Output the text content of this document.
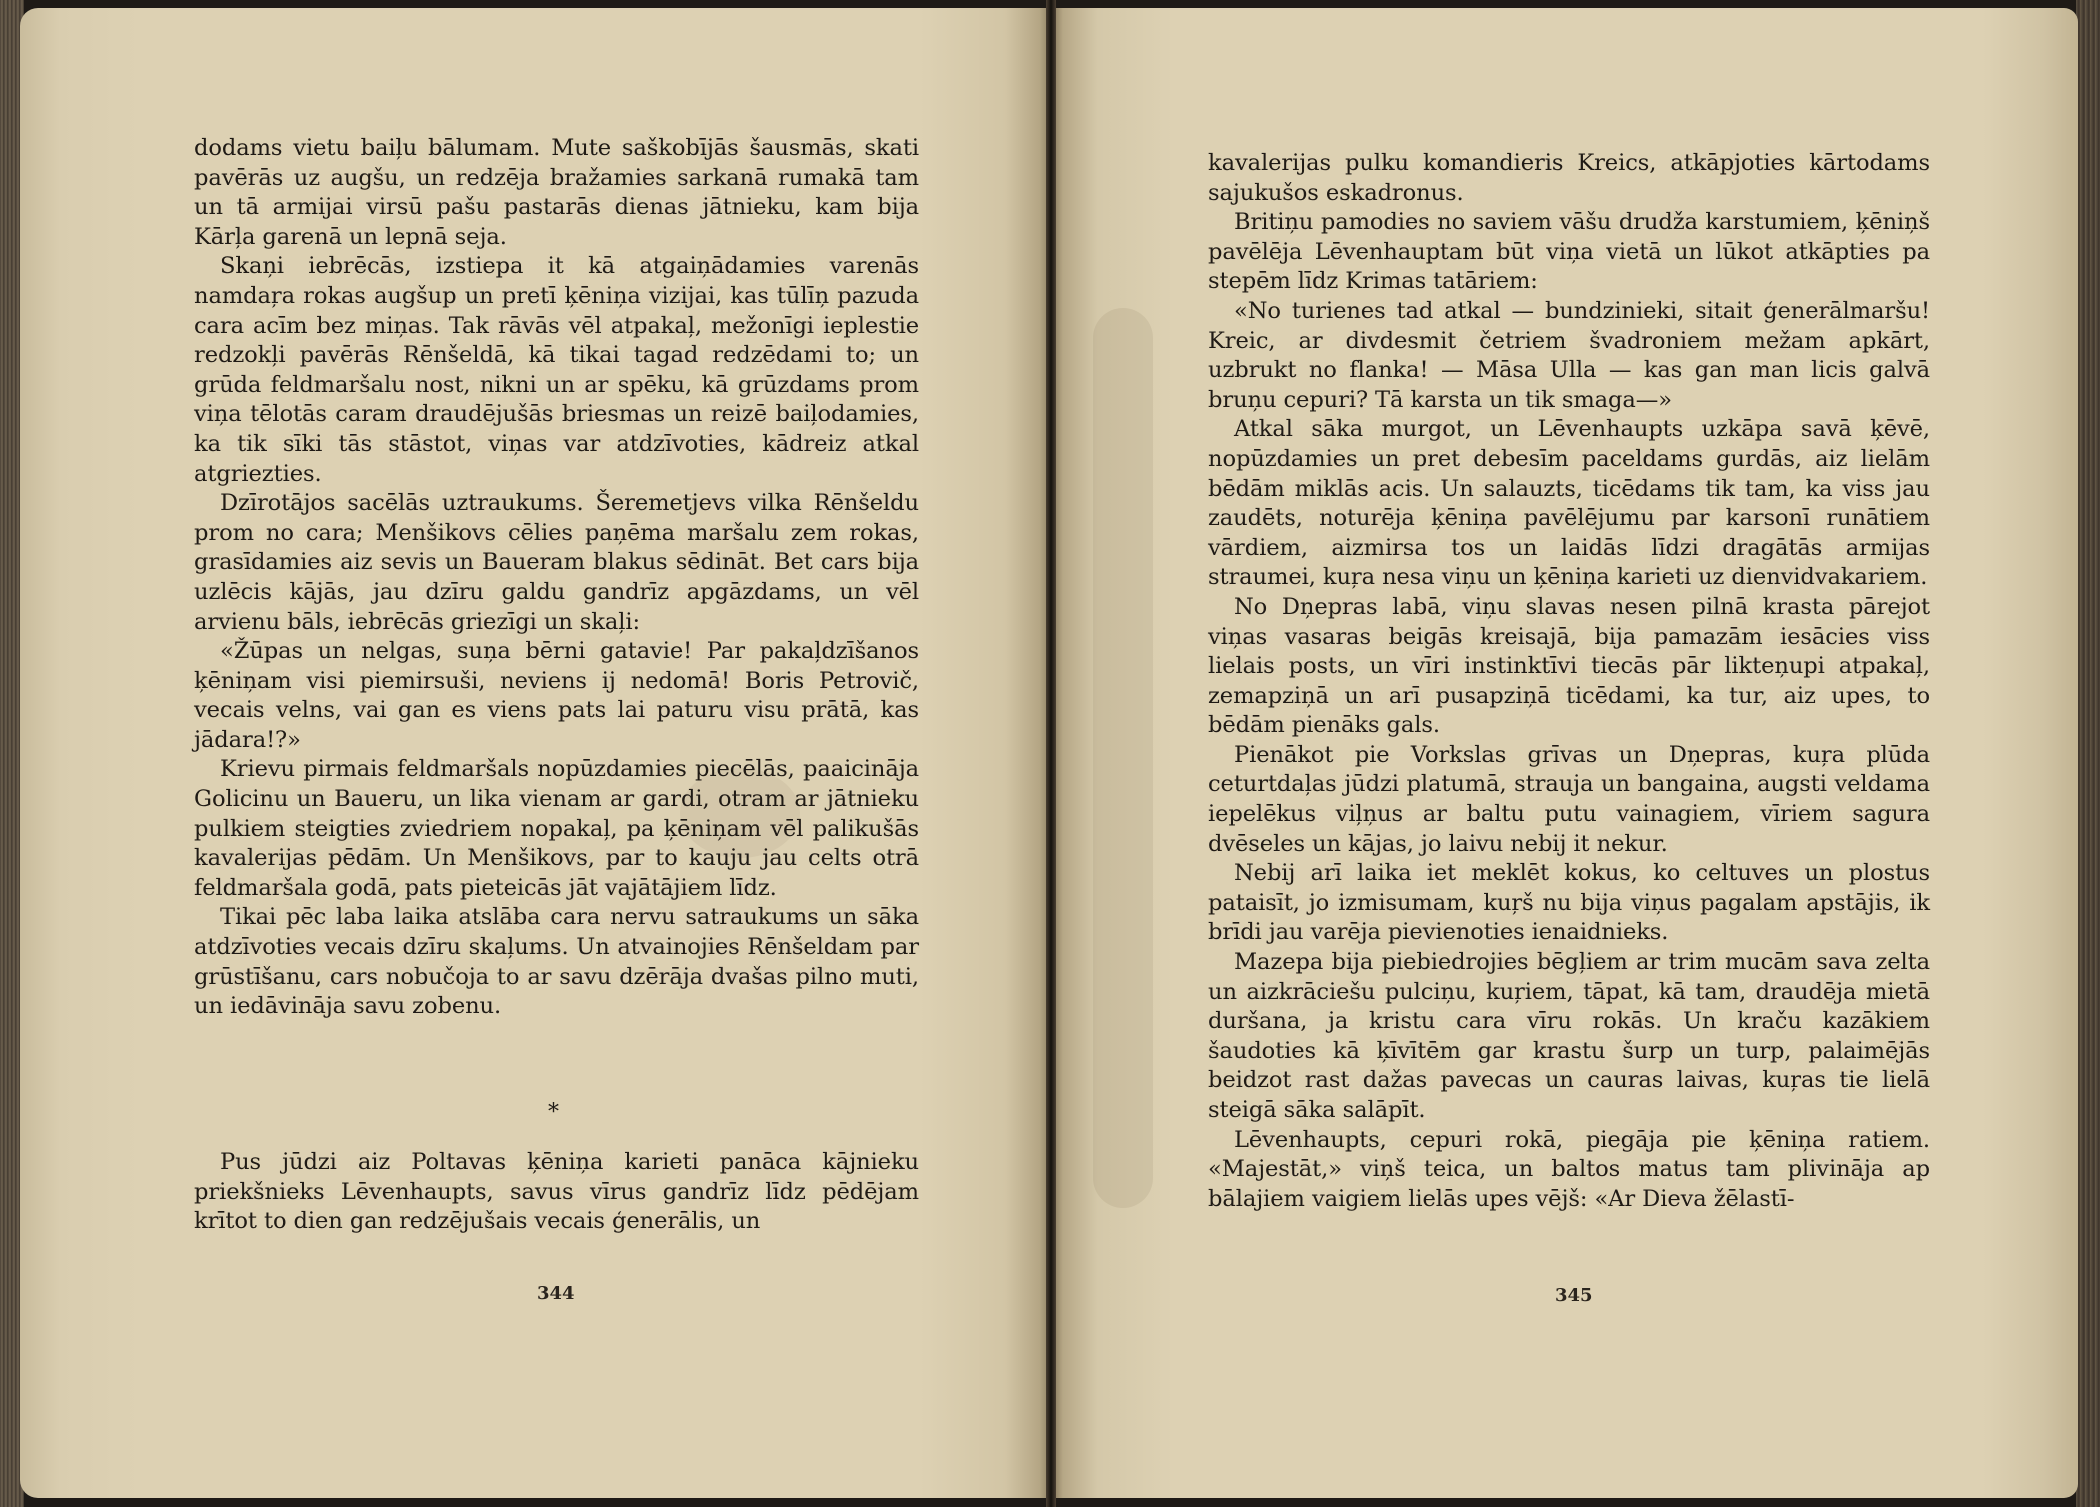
dodams vietu baiļu bālumam. Mute saškobījās šausmās, skati pavērās uz augšu, un redzēja bražamies sarkanā rumakā tam un tā armijai virsū pašu pastarās dienas jātnieku, kam bija Kārļa garenā un lepnā seja.

Skaņi iebrēcās, izstiepa it kā atgaiņādamies varenās namdaŗa rokas augšup un pretī ķēniņa vizijai, kas tūlīņ pazuda cara acīm bez miņas. Tak rāvās vēl atpakaļ, mežonīgi ieplestie redzokļi pavērās Rēnšeldā, kā tikai tagad redzēdami to; un grūda feldmaršalu nost, nikni un ar spēku, kā grūzdams prom viņa tēlotās caram draudējušās briesmas un reizē baiļodamies, ka tik sīki tās stāstot, viņas var atdzīvoties, kādreiz atkal atgriezties.

Dzīrotājos sacēlās uztraukums. Šeremetjevs vilka Rēnšeldu prom no cara; Menšikovs cēlies paņēma maršalu zem rokas, grasīdamies aiz sevis un Baueram blakus sēdināt. Bet cars bija uzlēcis kājās, jau dzīru galdu gandrīz apgāzdams, un vēl arvienu bāls, iebrēcās griezīgi un skaļi:

«Žūpas un nelgas, suņa bērni gatavie! Par pakaļdzīšanos ķēniņam visi piemirsuši, neviens ij nedomā! Boris Petrovič, vecais velns, vai gan es viens pats lai paturu visu prātā, kas jādara!?»

Krievu pirmais feldmaršals nopūzdamies piecēlās, paaicināja Golicinu un Baueru, un lika vienam ar gardi, otram ar jātnieku pulkiem steigties zviedriem nopakaļ, pa ķēniņam vēl palikušās kavalerijas pēdām. Un Menšikovs, par to kauju jau celts otrā feldmaršala godā, pats pieteicās jāt vajātājiem līdz.

Tikai pēc laba laika atslāba cara nervu satraukums un sāka atdzīvoties vecais dzīru skaļums. Un atvainojies Rēnšeldam par grūstīšanu, cars nobučoja to ar savu dzērāja dvašas pilno muti, un iedāvināja savu zobenu.

*

Pus jūdzi aiz Poltavas ķēniņa karieti panāca kājnieku priekšnieks Lēvenhaupts, savus vīrus gandrīz līdz pēdējam krītot to dien gan redzējušais vecais ģenerālis, un

344

kavalerijas pulku komandieris Kreics, atkāpjoties kārtodams sajukušos eskadronus.

Britiņu pamodies no saviem vāšu drudža karstumiem, ķēniņš pavēlēja Lēvenhauptam būt viņa vietā un lūkot atkāpties pa stepēm līdz Krimas tatāriem:

«No turienes tad atkal — bundzinieki, sitait ģenerālmaršu! Kreic, ar divdesmit četriem švadroniem mežam apkārt, uzbrukt no flanka! — Māsa Ulla — kas gan man licis galvā bruņu cepuri? Tā karsta un tik smaga—»

Atkal sāka murgot, un Lēvenhaupts uzkāpa savā ķēvē, nopūzdamies un pret debesīm paceldams gurdās, aiz lielām bēdām miklās acis. Un salauzts, ticēdams tik tam, ka viss jau zaudēts, noturēja ķēniņa pavēlējumu par karsonī runātiem vārdiem, aizmirsa tos un laidās līdzi dragātās armijas straumei, kuŗa nesa viņu un ķēniņa karieti uz dienvidvakariem.

No Dņepras labā, viņu slavas nesen pilnā krasta pārejot viņas vasaras beigās kreisajā, bija pamazām iesācies viss lielais posts, un vīri instinktīvi tiecās pār likteņupi atpakaļ, zemapziņā un arī pusapziņā ticēdami, ka tur, aiz upes, to bēdām pienāks gals.

Pienākot pie Vorkslas grīvas un Dņepras, kuŗa plūda ceturtdaļas jūdzi platumā, strauja un bangaina, augsti veldama iepelēkus viļņus ar baltu putu vainagiem, vīriem sagura dvēseles un kājas, jo laivu nebij it nekur.

Nebij arī laika iet meklēt kokus, ko celtuves un plostus pataisīt, jo izmisumam, kuŗš nu bija viņus pagalam apstājis, ik brīdi jau varēja pievienoties ienaidnieks.

Mazepa bija piebiedrojies bēgļiem ar trim mucām sava zelta un aizkrāciešu pulciņu, kuŗiem, tāpat, kā tam, draudēja mietā duršana, ja kristu cara vīru rokās. Un kraču kazākiem šaudoties kā ķīvītēm gar krastu šurp un turp, palaimējās beidzot rast dažas pavecas un cauras laivas, kuŗas tie lielā steigā sāka salāpīt.

Lēvenhaupts, cepuri rokā, piegāja pie ķēniņa ratiem. «Majestāt,» viņš teica, un baltos matus tam plivināja ap bālajiem vaigiem lielās upes vējš: «Ar Dieva žēlastī-

345
